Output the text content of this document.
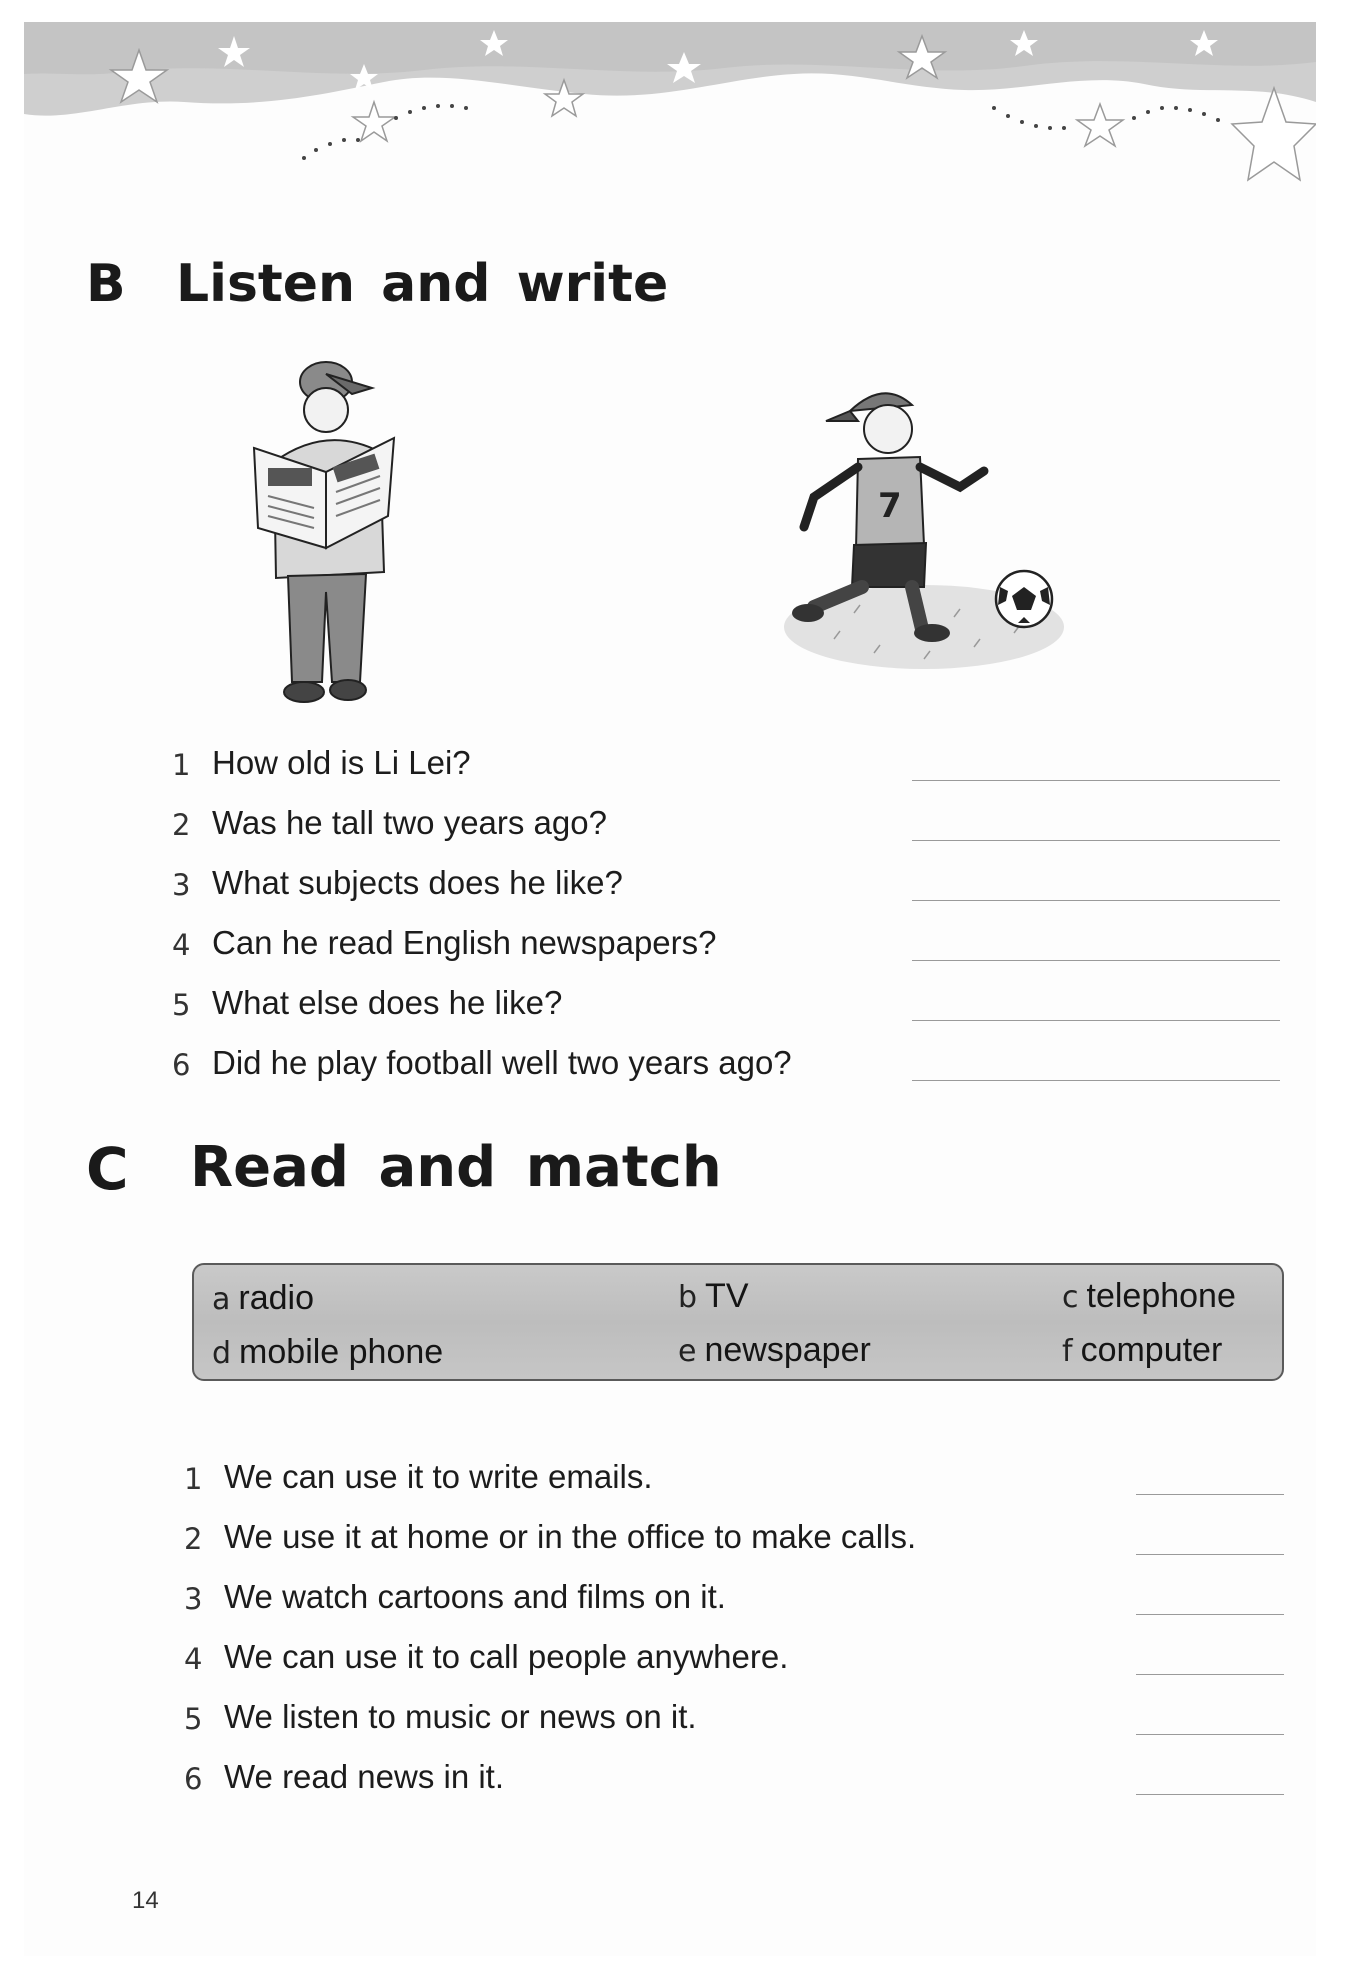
B Listen and write
7
1 How old is Li Lei?
2 Was he tall two years ago?
3 What subjects does he like?
4 Can he read English newspapers?
5 What else does he like?
6 Did he play football well two years ago?
C Read and match
a radio	b TV	c telephone
d mobile phone	e newspaper	f computer
1 We can use it to write emails.
2 We use it at home or in the office to make calls.
3 We watch cartoons and films on it.
4 We can use it to call people anywhere.
5 We listen to music or news on it.
6 We read news in it.
14
